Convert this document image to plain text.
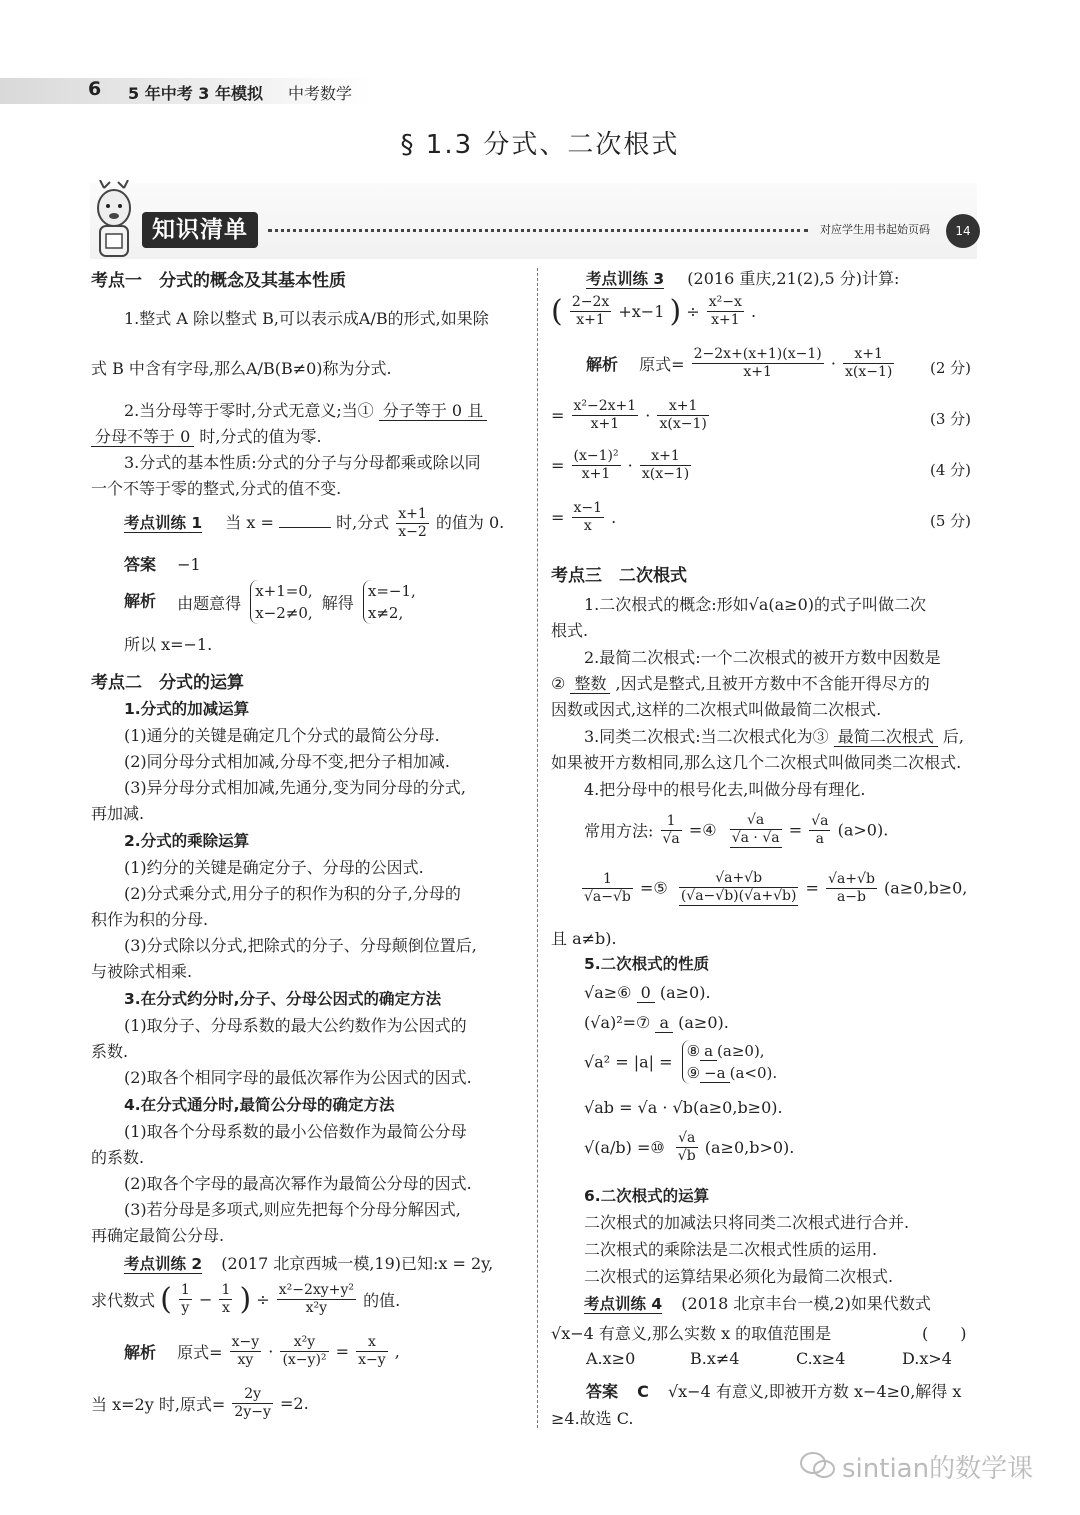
6 5 年中考 3 年模拟 中考数学
§ 1.3 分式、二次根式
知识清单	对应学生用书起始页码	14
考点一　分式的概念及其基本性质
1.整式 A 除以整式 B,可以表示成A/B的形式,如果除
式 B 中含有字母,那么A/B(B≠0)称为分式.
2.当分母等于零时,分式无意义;当① 分子等于 0 且
分母不等于 0 时,分式的值为零.
3.分式的基本性质:分式的分子与分母都乘或除以同
一个不等于零的整式,分式的值不变.
考点训练 1 当 x =	时,分式 $\frac{x+1}{x-2}$ 的值为 0.
答案 −1
解析 由题意得
x+1=0,
x−2≠0,
解得
x=−1,
x≠2,
所以 x=−1.
考点二　分式的运算
1.分式的加减运算
(1)通分的关键是确定几个分式的最简公分母.
(2)同分母分式相加减,分母不变,把分子相加减.
(3)异分母分式相加减,先通分,变为同分母的分式,
再加减.
2.分式的乘除运算
(1)约分的关键是确定分子、分母的公因式.
(2)分式乘分式,用分子的积作为积的分子,分母的
积作为积的分母.
(3)分式除以分式,把除式的分子、分母颠倒位置后,
与被除式相乘.
3.在分式约分时,分子、分母公因式的确定方法
(1)取分子、分母系数的最大公约数作为公因式的
系数.
(2)取各个相同字母的最低次幂作为公因式的因式.
4.在分式通分时,最简公分母的确定方法
(1)取各个分母系数的最小公倍数作为最简公分母
的系数.
(2)取各个字母的最高次幂作为最简公分母的因式.
(3)若分母是多项式,则应先把每个分母分解因式,
再确定最简公分母.
考点训练 2 (2017 北京西城一模,19)已知:x = 2y,
求代数式 ( $\frac{1}{y} - \frac{1}{x}$ ) ÷ $\frac{\text{x²−2xy+y²}}{\text{x²y}}$ 的值.
解析 原式= $\frac{x-y}{xy} \cdot \frac{\text{x²y}}{\text{(x−y)²}} = \frac{x}{x-y}$ ,
当 x=2y 时,原式= $\frac{2y}{2y-y} =2$.
考点训练 3 (2016 重庆,21(2),5 分)计算:
( $\frac{2-2x}{x+1} +x-1$ ) ÷ $\frac{\text{x²−x}}{x+1}$ .
解析 原式= $\frac{2-2x+(x+1)(x-1)}{x+1} \cdot \frac{x+1}{x(x-1)} (2$ 分)
= $\frac{\text{x²−2x+1}}{x+1} \cdot \frac{x+1}{x(x-1)}$	(3 分)
= $\frac{\text{(x−1)²}}{x+1} \cdot \frac{x+1}{x(x-1)}$	(4 分)
= $\frac{x-1}{x}$ .	(5 分)
考点三　二次根式
1.二次根式的概念:形如√a(a≥0)的式子叫做二次
根式.
2.最简二次根式:一个二次根式的被开方数中因数是
② 整数 ,因式是整式,且被开方数中不含能开得尽方的
因数或因式,这样的二次根式叫做最简二次根式.
3.同类二次根式:当二次根式化为③ 最简二次根式 后,
如果被开方数相同,那么这几个二次根式叫做同类二次根式.
4.把分母中的根号化去,叫做分母有理化.
常用方法: $\frac{1}{√a}$ =④ $\frac{√a}{√a \cdot √a} = \frac{√a}{a} (a>0)$.
$\frac{1}{√a-√b}$ =⑤ $\frac{√a+√b}{(√a-√b)(√a+√b)} = \frac{√a+√b}{a-b} (a\ge 0,b\ge 0$,
且 a≠b).
5.二次根式的性质
√a≥⑥ 0 (a≥0).
(√a)²=⑦ a (a≥0).
√a² = |a| =
⑧ a (a≥0),
⑨ −a (a<0).
√ab = √a · √b(a≥0,b≥0).
√(a/b) =⑩ $\frac{√a}{√b} (a\ge 0,b>0)$.
6.二次根式的运算
二次根式的加减法只将同类二次根式进行合并.
二次根式的乘除法是二次根式性质的运用.
二次根式的运算结果必须化为最简二次根式.
考点训练 4 (2018 北京丰台一模,2)如果代数式
√x−4 有意义,那么实数 x 的取值范围是	(　　)
A.x≥0	B.x≠4	C.x≥4	D.x>4
答案 C √x−4 有意义,即被开方数 x−4≥0,解得 x
≥4.故选 C.
sintian的数学课
